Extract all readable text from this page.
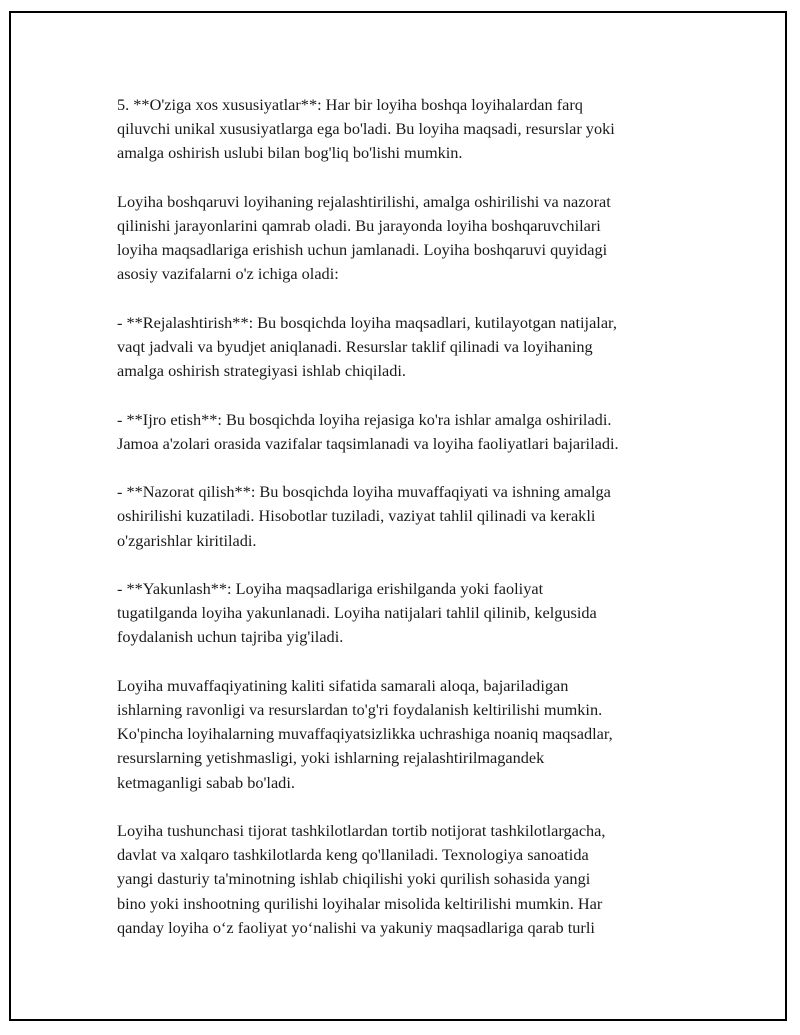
5. **O'ziga xos xususiyatlar**: Har bir loyiha boshqa loyihalardan farq
qiluvchi unikal xususiyatlarga ega bo'ladi. Bu loyiha maqsadi, resurslar yoki
amalga oshirish uslubi bilan bog'liq bo'lishi mumkin.

Loyiha boshqaruvi loyihaning rejalashtirilishi, amalga oshirilishi va nazorat
qilinishi jarayonlarini qamrab oladi. Bu jarayonda loyiha boshqaruvchilari
loyiha maqsadlariga erishish uchun jamlanadi. Loyiha boshqaruvi quyidagi
asosiy vazifalarni o'z ichiga oladi:

- **Rejalashtirish**: Bu bosqichda loyiha maqsadlari, kutilayotgan natijalar,
vaqt jadvali va byudjet aniqlanadi. Resurslar taklif qilinadi va loyihaning
amalga oshirish strategiyasi ishlab chiqiladi.

- **Ijro etish**: Bu bosqichda loyiha rejasiga ko'ra ishlar amalga oshiriladi.
Jamoa a'zolari orasida vazifalar taqsimlanadi va loyiha faoliyatlari bajariladi.

- **Nazorat qilish**: Bu bosqichda loyiha muvaffaqiyati va ishning amalga
oshirilishi kuzatiladi. Hisobotlar tuziladi, vaziyat tahlil qilinadi va kerakli
o'zgarishlar kiritiladi.

- **Yakunlash**: Loyiha maqsadlariga erishilganda yoki faoliyat
tugatilganda loyiha yakunlanadi. Loyiha natijalari tahlil qilinib, kelgusida
foydalanish uchun tajriba yig'iladi.

Loyiha muvaffaqiyatining kaliti sifatida samarali aloqa, bajariladigan
ishlarning ravonligi va resurslardan to'g'ri foydalanish keltirilishi mumkin.
Ko'pincha loyihalarning muvaffaqiyatsizlikka uchrashiga noaniq maqsadlar,
resurslarning yetishmasligi, yoki ishlarning rejalashtirilmagandek
ketmaganligi sabab bo'ladi.

Loyiha tushunchasi tijorat tashkilotlardan tortib notijorat tashkilotlargacha,
davlat va xalqaro tashkilotlarda keng qo'llaniladi. Texnologiya sanoatida
yangi dasturiy ta'minotning ishlab chiqilishi yoki qurilish sohasida yangi
bino yoki inshootning qurilishi loyihalar misolida keltirilishi mumkin. Har
qanday loyiha o‘z faoliyat yo‘nalishi va yakuniy maqsadlariga qarab turli
